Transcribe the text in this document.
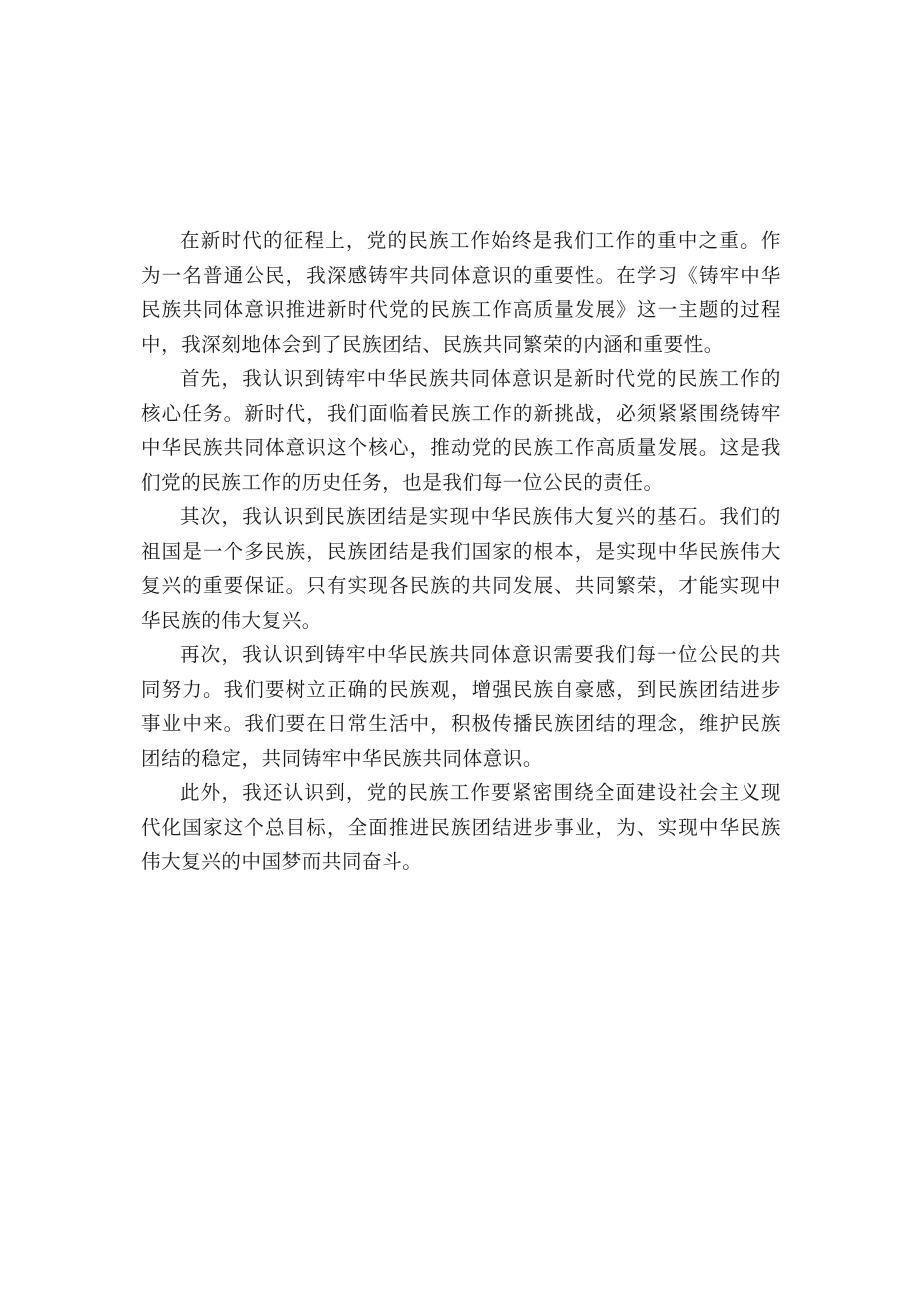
在新时代的征程上，党的民族工作始终是我们工作的重中之重。作为一名普通公民，我深感铸牢共同体意识的重要性。在学习《铸牢中华民族共同体意识推进新时代党的民族工作高质量发展》这一主题的过程中，我深刻地体会到了民族团结、民族共同繁荣的内涵和重要性。

首先，我认识到铸牢中华民族共同体意识是新时代党的民族工作的核心任务。新时代，我们面临着民族工作的新挑战，必须紧紧围绕铸牢中华民族共同体意识这个核心，推动党的民族工作高质量发展。这是我们党的民族工作的历史任务，也是我们每一位公民的责任。

其次，我认识到民族团结是实现中华民族伟大复兴的基石。我们的祖国是一个多民族，民族团结是我们国家的根本，是实现中华民族伟大复兴的重要保证。只有实现各民族的共同发展、共同繁荣，才能实现中华民族的伟大复兴。

再次，我认识到铸牢中华民族共同体意识需要我们每一位公民的共同努力。我们要树立正确的民族观，增强民族自豪感，到民族团结进步事业中来。我们要在日常生活中，积极传播民族团结的理念，维护民族团结的稳定，共同铸牢中华民族共同体意识。

此外，我还认识到，党的民族工作要紧密围绕全面建设社会主义现代化国家这个总目标，全面推进民族团结进步事业，为、实现中华民族伟大复兴的中国梦而共同奋斗。
